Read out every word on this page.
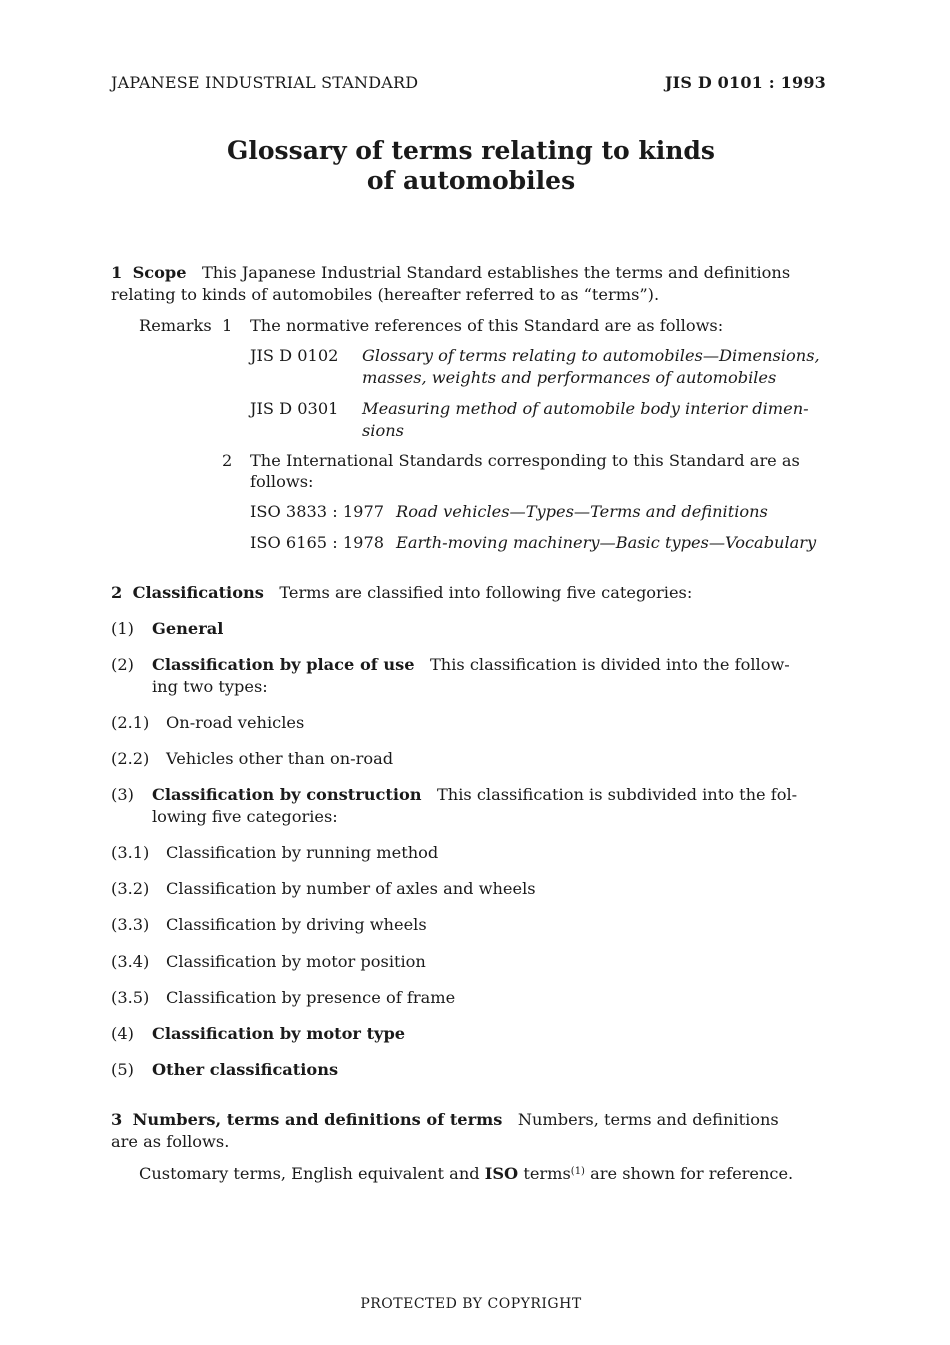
JAPANESE INDUSTRIAL STANDARD	JIS D 0101 : 1993
Glossary of terms relating to kinds
of automobiles
1 Scope This Japanese Industrial Standard establishes the terms and definitions
relating to kinds of automobiles (hereafter referred to as “terms”).
Remarks 1 The normative references of this Standard are as follows:
JIS D 0102 Glossary of terms relating to automobiles—Dimensions,
masses, weights and performances of automobiles
JIS D 0301 Measuring method of automobile body interior dimen-
sions
2 The International Standards corresponding to this Standard are as
follows:
ISO 3833 : 1977 Road vehicles—Types—Terms and definitions
ISO 6165 : 1978 Earth-moving machinery—Basic types—Vocabulary
2 Classifications Terms are classified into following five categories:
(1) General
(2) Classification by place of use This classification is divided into the follow-
ing two types:
(2.1) On-road vehicles
(2.2) Vehicles other than on-road
(3) Classification by construction This classification is subdivided into the fol-
lowing five categories:
(3.1) Classification by running method
(3.2) Classification by number of axles and wheels
(3.3) Classification by driving wheels
(3.4) Classification by motor position
(3.5) Classification by presence of frame
(4) Classification by motor type
(5) Other classifications
3 Numbers, terms and definitions of terms Numbers, terms and definitions
are as follows.
Customary terms, English equivalent and ISO terms$^{(1)}$ are shown for reference.
PROTECTED BY COPYRIGHT
